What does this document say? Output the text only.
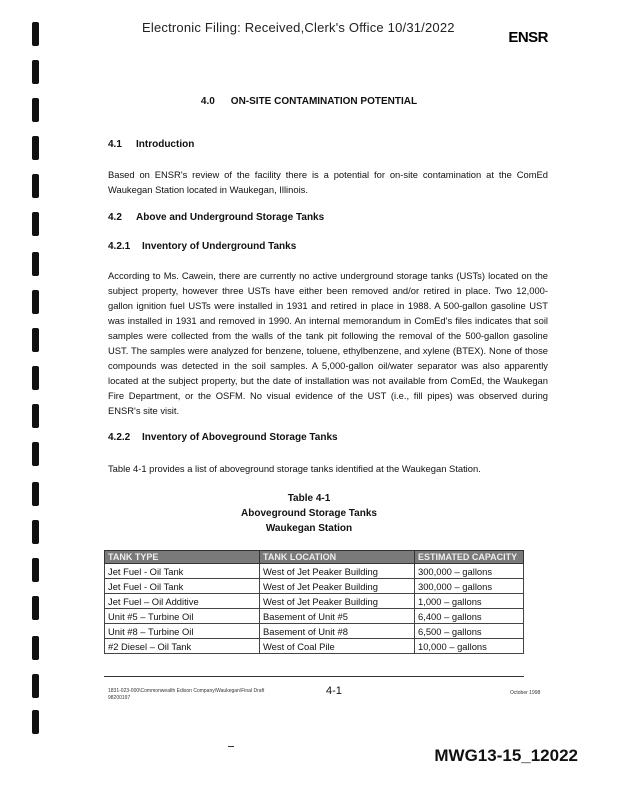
Electronic Filing: Received,Clerk's Office 10/31/2022
ENSR
4.0 ON-SITE CONTAMINATION POTENTIAL
4.1 Introduction
Based on ENSR's review of the facility there is a potential for on-site contamination at the ComEd Waukegan Station located in Waukegan, Illinois.
4.2 Above and Underground Storage Tanks
4.2.1 Inventory of Underground Tanks
According to Ms. Cawein, there are currently no active underground storage tanks (USTs) located on the subject property, however three USTs have either been removed and/or retired in place. Two 12,000-gallon ignition fuel USTs were installed in 1931 and retired in place in 1988. A 500-gallon gasoline UST was installed in 1931 and removed in 1990. An internal memorandum in ComEd's files indicates that soil samples were collected from the walls of the tank pit following the removal of the 500-gallon gasoline UST. The samples were analyzed for benzene, toluene, ethylbenzene, and xylene (BTEX). None of those compounds was detected in the soil samples. A 5,000-gallon oil/water separator was also apparently located at the subject property, but the date of installation was not available from ComEd, the Waukegan Fire Department, or the OSFM. No visual evidence of the UST (i.e., fill pipes) was observed during ENSR's site visit.
4.2.2 Inventory of Aboveground Storage Tanks
Table 4-1 provides a list of aboveground storage tanks identified at the Waukegan Station.
Table 4-1
Aboveground Storage Tanks
Waukegan Station
TANK TYPE	TANK LOCATION	ESTIMATED CAPACITY
Jet Fuel - Oil Tank	West of Jet Peaker Building	300,000 – gallons
Jet Fuel - Oil Tank	West of Jet Peaker Building	300,000 – gallons
Jet Fuel – Oil Additive	West of Jet Peaker Building	1,000 – gallons
Unit #5 – Turbine Oil	Basement of Unit #5	6,400 – gallons
Unit #8 – Turbine Oil	Basement of Unit #8	6,500 – gallons
#2 Diesel – Oil Tank	West of Coal Pile	10,000 – gallons
1831-023-000\Commonwealth Edison Company\Waukegan\Final Draft
98200197
4-1	October 1998
MWG13-15_12022
